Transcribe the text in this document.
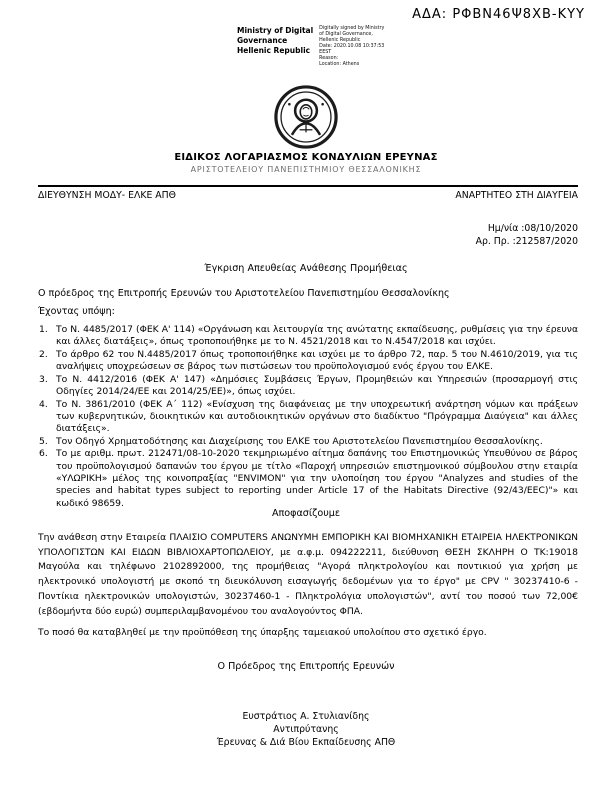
ΑΔΑ: ΡΦΒΝ46Ψ8ΧΒ-ΚΥΥ
Ministry of Digital
Governance
Hellenic Republic
Digitally signed by Ministry
of Digital Governance,
Hellenic Republic
Date: 2020.10.08 10:37:53
EEST
Reason:
Location: Athens
ΕΙΔΙΚΟΣ ΛΟΓΑΡΙΑΣΜΟΣ ΚΟΝΔΥΛΙΩΝ ΕΡΕΥΝΑΣ
ΑΡΙΣΤΟΤΕΛΕΙΟΥ ΠΑΝΕΠΙΣΤΗΜΙΟΥ ΘΕΣΣΑΛΟΝΙΚΗΣ
ΔΙΕΥΘΥΝΣΗ ΜΟΔΥ- ΕΛΚΕ ΑΠΘ	ΑΝΑΡΤΗΤΕΟ ΣΤΗ ΔΙΑΥΓΕΙΑ
Ημ/νία :08/10/2020
Αρ. Πρ. :212587/2020
Έγκριση Απευθείας Ανάθεσης Προμήθειας
Ο πρόεδρος της Επιτροπής Ερευνών του Αριστοτελείου Πανεπιστημίου Θεσσαλονίκης
Έχοντας υπόψη:
1. Το Ν. 4485/2017 (ΦΕΚ Α' 114) «Οργάνωση και λειτουργία της ανώτατης εκπαίδευσης, ρυθμίσεις για την έρευνα και άλλες διατάξεις», όπως τροποποιήθηκε με το Ν. 4521/2018 και το Ν.4547/2018 και ισχύει.
2. Το άρθρο 62 του Ν.4485/2017 όπως τροποποιήθηκε και ισχύει με το άρθρο 72, παρ. 5 του Ν.4610/2019, για τις αναλήψεις υποχρεώσεων σε βάρος των πιστώσεων του προϋπολογισμού ενός έργου του ΕΛΚΕ.
3. Το Ν. 4412/2016 (ΦΕΚ Α' 147) «Δημόσιες Συμβάσεις Έργων, Προμηθειών και Υπηρεσιών (προσαρμογή στις Οδηγίες 2014/24/ΕΕ και 2014/25/ΕΕ)», όπως ισχύει.
4. Το Ν. 3861/2010 (ΦΕΚ Α΄ 112) «Ενίσχυση της διαφάνειας με την υποχρεωτική ανάρτηση νόμων και πράξεων των κυβερνητικών, διοικητικών και αυτοδιοικητικών οργάνων στο διαδίκτυο "Πρόγραμμα Διαύγεια" και άλλες διατάξεις».
5. Τον Οδηγό Χρηματοδότησης και Διαχείρισης του ΕΛΚΕ του Αριστοτελείου Πανεπιστημίου Θεσσαλονίκης.
6. Το με αριθμ. πρωτ. 212471/08-10-2020 τεκμηριωμένο αίτημα δαπάνης του Επιστημονικώς Υπευθύνου σε βάρος του προϋπολογισμού δαπανών του έργου με τίτλο «Παροχή υπηρεσιών επιστημονικού σύμβουλου στην εταιρία «ΥΛΩΡΙΚΗ» μέλος της κοινοπραξίας "ENVIMON" για την υλοποίηση του έργου "Analyzes and studies of the species and habitat types subject to reporting under Article 17 of the Habitats Directive (92/43/EEC)"» και κωδικό 98659.
Αποφασίζουμε
Την ανάθεση στην Εταιρεία ΠΛΑΙΣΙΟ COMPUTERS ΑΝΩΝΥΜΗ ΕΜΠΟΡΙΚΗ ΚΑΙ ΒΙΟΜΗΧΑΝΙΚΗ ΕΤΑΙΡΕΙΑ ΗΛΕΚΤΡΟΝΙΚΩΝ ΥΠΟΛΟΓΙΣΤΩΝ ΚΑΙ ΕΙΔΩΝ ΒΙΒΛΙΟΧΑΡΤΟΠΩΛΕΙΟΥ, με α.φ.μ. 094222211, διεύθυνση ΘΕΣΗ ΣΚΛΗΡΗ Ο ΤΚ:19018 Μαγούλα και τηλέφωνο 2102892000, της προμήθειας "Αγορά πληκτρολογίου και ποντικιού για χρήση με ηλεκτρονικό υπολογιστή με σκοπό τη διευκόλυνση εισαγωγής δεδομένων για το έργο" με CPV " 30237410-6 - Ποντίκια ηλεκτρονικών υπολογιστών, 30237460-1 - Πληκτρολόγια υπολογιστών", αντί του ποσού των 72,00€ (εβδομήντα δύο ευρώ) συμπεριλαμβανομένου του αναλογούντος ΦΠΑ.
Το ποσό θα καταβληθεί με την προϋπόθεση της ύπαρξης ταμειακού υπολοίπου στο σχετικό έργο.
Ο Πρόεδρος της Επιτροπής Ερευνών
Ευστράτιος Α. Στυλιανίδης
Αντιπρύτανης
Έρευνας & Διά Βίου Εκπαίδευσης ΑΠΘ
